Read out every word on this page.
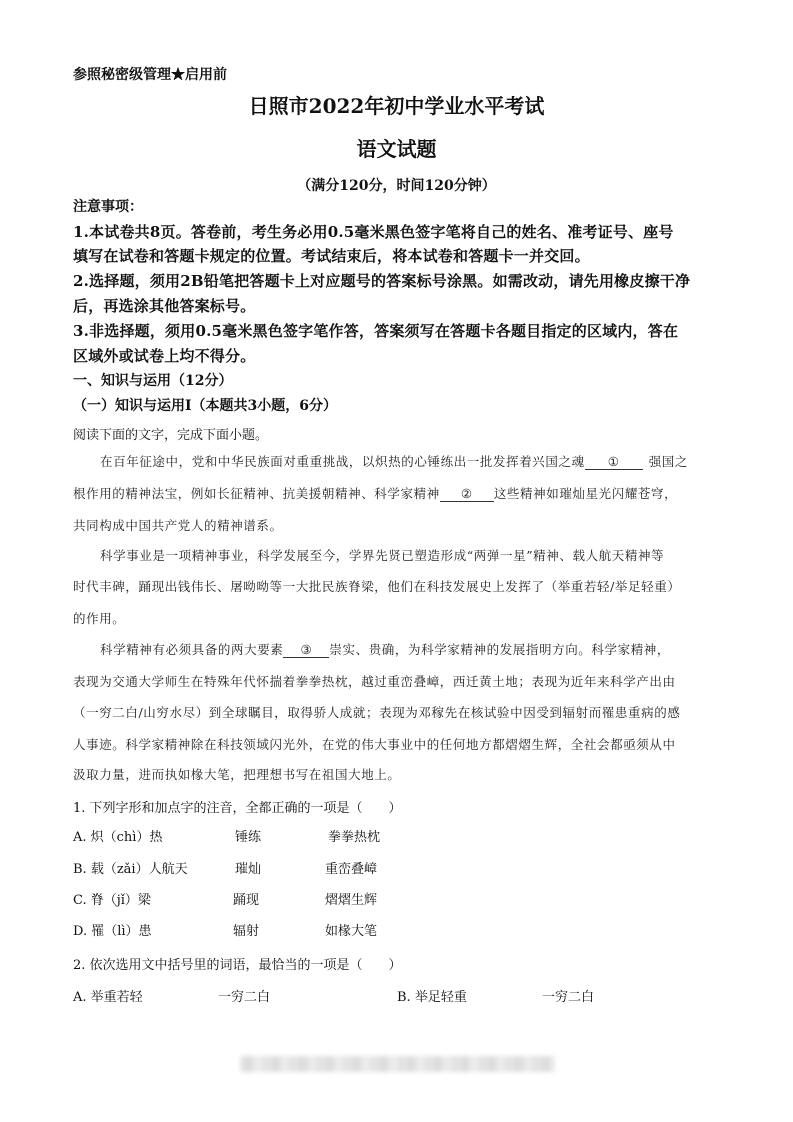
参照秘密级管理★启用前
日照市2022年初中学业水平考试
语文试题
（满分120分，时间120分钟）
注意事项：
1.本试卷共8页。答卷前，考生务必用0.5毫米黑色签字笔将自己的姓名、准考证号、座号
填写在试卷和答题卡规定的位置。考试结束后，将本试卷和答题卡一并交回。
2.选择题，须用2B铅笔把答题卡上对应题号的答案标号涂黑。如需改动，请先用橡皮擦干净
后，再选涂其他答案标号。
3.非选择题，须用0.5毫米黑色签字笔作答，答案须写在答题卡各题目指定的区域内，答在
区域外或试卷上均不得分。
一、知识与运用（12分）
（一）知识与运用Ⅰ（本题共3小题，6分）
阅读下面的文字，完成下面小题。
在百年征途中，党和中华民族面对重重挑战，以炽热的心锤练出一批发挥着兴国之魂 ① 强国之
根作用的精神法宝，例如长征精神、抗美援朝精神、科学家精神 ② 这些精神如璀灿星光闪耀苍穹，
共同构成中国共产党人的精神谱系。
科学事业是一项精神事业，科学发展至今，学界先贤已塑造形成“两弹一星”精神、载人航天精神等
时代丰碑，踊现出钱伟长、屠呦呦等一大批民族脊梁，他们在科技发展史上发挥了（举重若轻/举足轻重）
的作用。
科学精神有必须具备的两大要素 ③ 崇实、贵确，为科学家精神的发展指明方向。科学家精神，
表现为交通大学师生在特殊年代怀揣着拳拳热枕，越过重峦叠嶂，西迁黄土地；表现为近年来科学产出由
（一穷二白/山穷水尽）到全球瞩目，取得骄人成就；表现为邓稼先在核试验中因受到辐射而罹患重病的感
人事迹。科学家精神除在科技领域闪光外，在党的伟大事业中的任何地方都熠熠生辉，全社会都亟须从中
汲取力量，进而执如椽大笔，把理想书写在祖国大地上。
1. 下列字形和加点字的注音，全都正确的一项是（　　）
A. 炽（chì）热	锤练	拳拳热枕
B. 载（zǎi）人航天	璀灿	重峦叠嶂
C. 脊（jǐ）梁	踊现	熠熠生辉
D. 罹（lì）患	辐射	如椽大笔
2. 依次选用文中括号里的词语，最恰当的一项是（　　）
A. 举重若轻	一穷二白	B. 举足轻重	一穷二白
